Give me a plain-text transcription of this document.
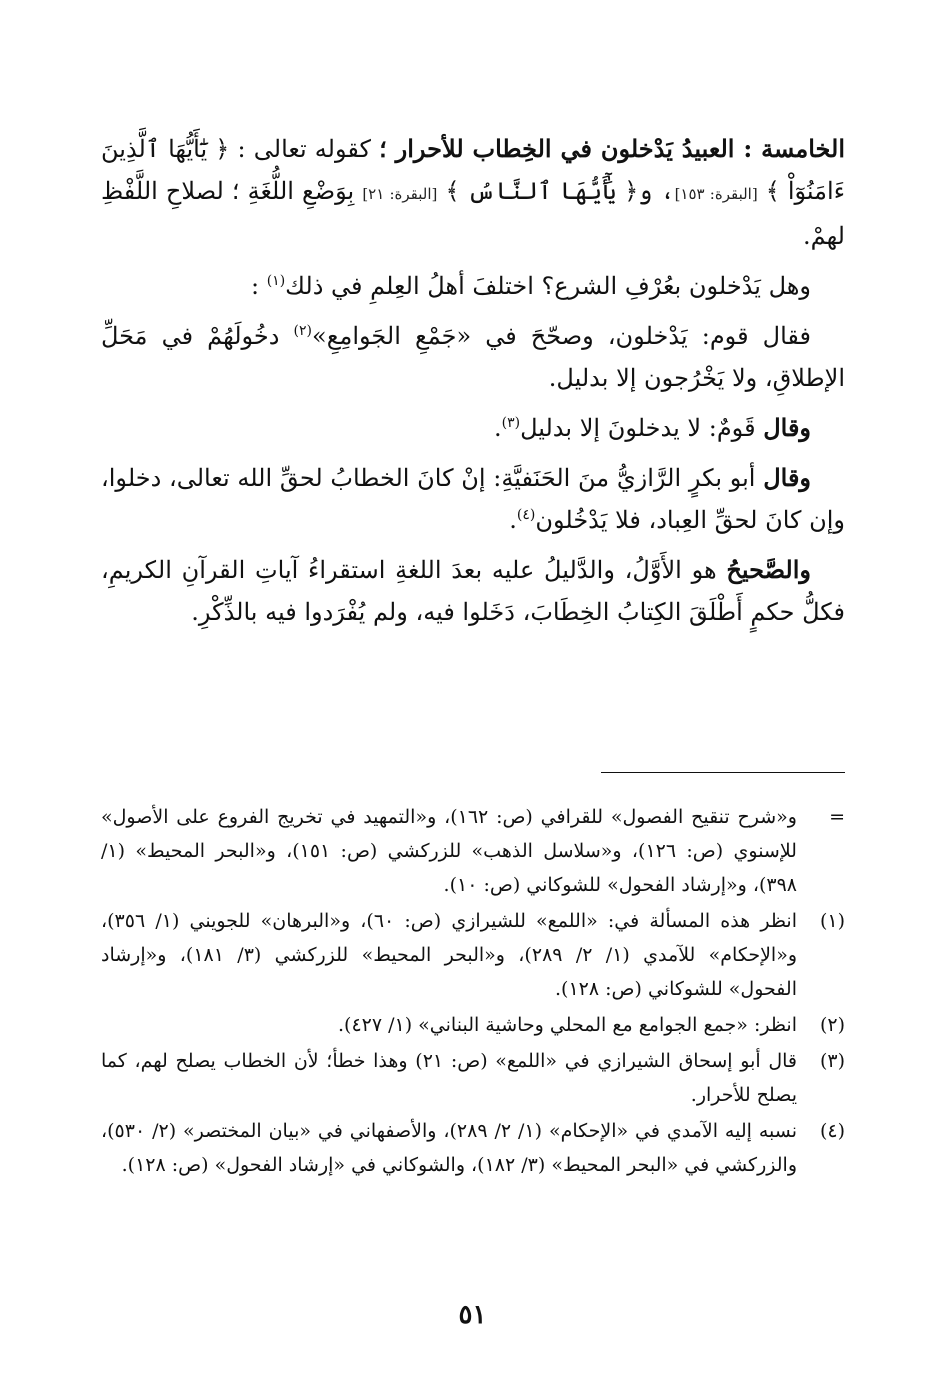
الخامسة : العبيدُ يَدْخلون في الخِطاب للأحرار ؛ كقوله تعالى : ﴿ يَٰٓأَيُّهَا ٱلَّذِينَ ءَامَنُوٓاْ ﴾ [البقرة: ١٥٣]، و﴿ يَٰٓأَيُّهَا ٱلنَّاسُ ﴾ [البقرة: ٢١] بِوَضْعِ اللُّغَةِ ؛ لصلاحِ اللَّفْظِ لهمْ.

وهل يَدْخلون بعُرْفِ الشرع؟ اختلفَ أهلُ العِلمِ في ذلك$^{(١)}$ :

فقال قوم: يَدْخلون، وصحّحَ في «جَمْعِ الجَوامِعِ»$^{(٢)}$ دخُولَهُمْ في مَحَلِّ الإطلاقِ، ولا يَخْرُجون إلا بدليل.

وقال قَومٌ: لا يدخلونَ إلا بدليل$^{(٣)}$.

وقال أبو بكرٍ الرَّازيُّ منَ الحَنَفيَّةِ: إنْ كانَ الخطابُ لحقِّ الله تعالى، دخلوا، وإن كانَ لحقِّ العِباد، فلا يَدْخُلون$^{(٤)}$.

والصَّحيحُ هو الأَوَّلُ، والدَّليلُ عليه بعدَ اللغةِ استقراءُ آياتِ القرآنِ الكريمِ، فكلُّ حكمٍ أَطْلَقَ الكِتابُ الخِطَابَ، دَخَلوا فيه، ولم يُفْرَدوا فيه بالذِّكْرِ.

=
و«شرح تنقيح الفصول» للقرافي (ص: ١٦٢)، و«التمهيد في تخريج الفروع على الأصول» للإسنوي (ص: ١٢٦)، و«سلاسل الذهب» للزركشي (ص: ١٥١)، و«البحر المحيط» (١/ ٣٩٨)، و«إرشاد الفحول» للشوكاني (ص: ١٠).
(١)
انظر هذه المسألة في: «اللمع» للشيرازي (ص: ٦٠)، و«البرهان» للجويني (١/ ٣٥٦)، و«الإحكام» للآمدي (١/ ٢/ ٢٨٩)، و«البحر المحيط» للزركشي (٣/ ١٨١)، و«إرشاد الفحول» للشوكاني (ص: ١٢٨).
(٢)
انظر: «جمع الجوامع مع المحلي وحاشية البناني» (١/ ٤٢٧).
(٣)
قال أبو إسحاق الشيرازي في «اللمع» (ص: ٢١) وهذا خطأ؛ لأن الخطاب يصلح لهم، كما يصلح للأحرار.
(٤)
نسبه إليه الآمدي في «الإحكام» (١/ ٢/ ٢٨٩)، والأصفهاني في «بيان المختصر» (٢/ ٥٣٠)، والزركشي في «البحر المحيط» (٣/ ١٨٢)، والشوكاني في «إرشاد الفحول» (ص: ١٢٨).
٥١
